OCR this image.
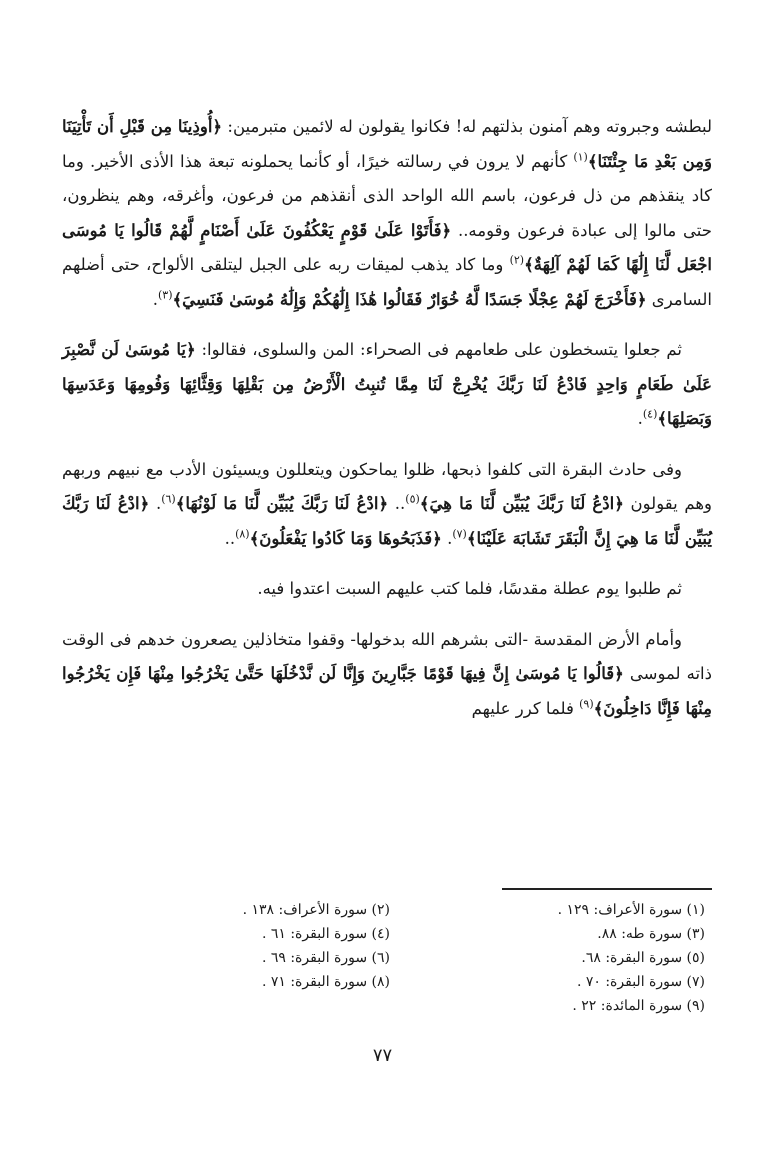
لبطشه وجبروته وهم آمنون بذلتهم له! فكانوا يقولون له لائمين متبرمين: ﴿أُوذِينَا مِن قَبْلِ أَن تَأْتِيَنَا وَمِن بَعْدِ مَا جِئْتَنَا﴾$^{(١)}$ كأنهم لا يرون في رسالته خيرًا، أو كأنما يحملونه تبعة هذا الأذى الأخير. وما كاد ينقذهم من ذل فرعون، باسم الله الواحد الذى أنقذهم من فرعون، وأغرقه، وهم ينظرون، حتى مالوا إلى عبادة فرعون وقومه.. ﴿فَأَتَوْا عَلَىٰ قَوْمٍ يَعْكُفُونَ عَلَىٰ أَصْنَامٍ لَّهُمْ قَالُوا يَا مُوسَى اجْعَل لَّنَا إِلَٰهًا كَمَا لَهُمْ آلِهَةٌ﴾$^{(٢)}$ وما كاد يذهب لميقات ربه على الجبل ليتلقى الألواح، حتى أضلهم السامرى ﴿فَأَخْرَجَ لَهُمْ عِجْلًا جَسَدًا لَّهُ خُوَارٌ فَقَالُوا هَٰذَا إِلَٰهُكُمْ وَإِلَٰهُ مُوسَىٰ فَنَسِيَ﴾$^{(٣)}$.

ثم جعلوا يتسخطون على طعامهم فى الصحراء: المن والسلوى، فقالوا: ﴿يَا مُوسَىٰ لَن نَّصْبِرَ عَلَىٰ طَعَامٍ وَاحِدٍ فَادْعُ لَنَا رَبَّكَ يُخْرِجْ لَنَا مِمَّا تُنبِتُ الْأَرْضُ مِن بَقْلِهَا وَقِثَّائِهَا وَفُومِهَا وَعَدَسِهَا وَبَصَلِهَا﴾$^{(٤)}$.

وفى حادث البقرة التى كلفوا ذبحها، ظلوا يماحكون ويتعللون ويسيئون الأدب مع نبيهم وربهم وهم يقولون ﴿ادْعُ لَنَا رَبَّكَ يُبَيِّن لَّنَا مَا هِيَ﴾$^{(٥)}$.. ﴿ادْعُ لَنَا رَبَّكَ يُبَيِّن لَّنَا مَا لَوْنُهَا﴾$^{(٦)}$. ﴿ادْعُ لَنَا رَبَّكَ يُبَيِّن لَّنَا مَا هِيَ إِنَّ الْبَقَرَ تَشَابَهَ عَلَيْنَا﴾$^{(٧)}$. ﴿فَذَبَحُوهَا وَمَا كَادُوا يَفْعَلُونَ﴾$^{(٨)}$..

ثم طلبوا يوم عطلة مقدسًا، فلما كتب عليهم السبت اعتدوا فيه.

وأمام الأرض المقدسة -التى بشرهم الله بدخولها- وقفوا متخاذلين يصعرون خدهم فى الوقت ذاته لموسى ﴿قَالُوا يَا مُوسَىٰ إِنَّ فِيهَا قَوْمًا جَبَّارِينَ وَإِنَّا لَن نَّدْخُلَهَا حَتَّىٰ يَخْرُجُوا مِنْهَا فَإِن يَخْرُجُوا مِنْهَا فَإِنَّا دَاخِلُونَ﴾$^{(٩)}$ فلما كرر عليهم

(١) سورة الأعراف: ١٢٩ .
(٢) سورة الأعراف: ١٣٨ .
(٣) سورة طه: ٨٨.
(٤) سورة البقرة: ٦١ .
(٥) سورة البقرة: ٦٨.
(٦) سورة البقرة: ٦٩ .
(٧) سورة البقرة: ٧٠ .
(٨) سورة البقرة: ٧١ .
(٩) سورة المائدة: ٢٢ .
٧٧
